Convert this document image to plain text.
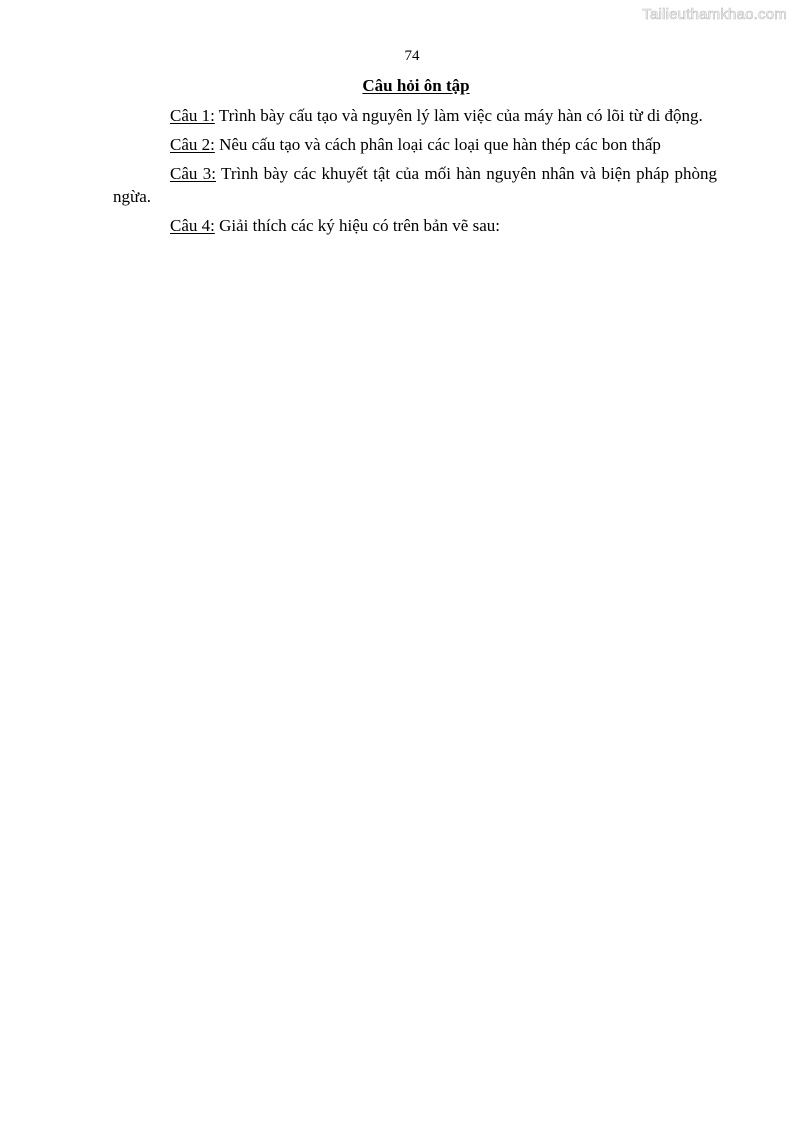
Tailieuthamkhao.com
74
Câu hỏi ôn tập

Câu 1: Trình bày cấu tạo và nguyên lý làm việc của máy hàn có lõi từ di động.

Câu 2: Nêu cấu tạo và cách phân loại các loại que hàn thép các bon thấp

Câu 3: Trình bày các khuyết tật của mối hàn nguyên nhân và biện pháp phòng ngừa.

Câu 4: Giải thích các ký hiệu có trên bản vẽ sau:
